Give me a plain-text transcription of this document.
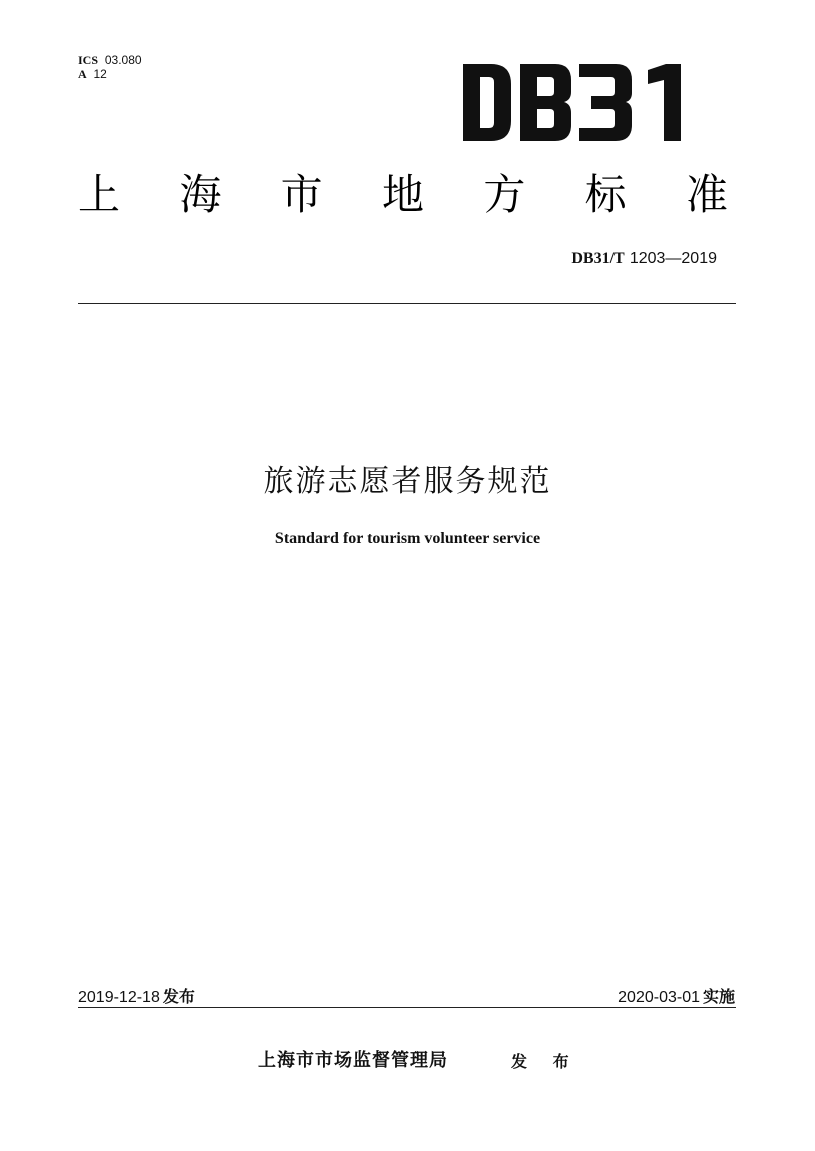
ICS 03.080
A 12
上 海 市 地 方 标 准
DB31/T 1203—2019
旅游志愿者服务规范
Standard for tourism volunteer service
2019-12-18 发布	2020-03-01 实施
上海市市场监督管理局	发 布
